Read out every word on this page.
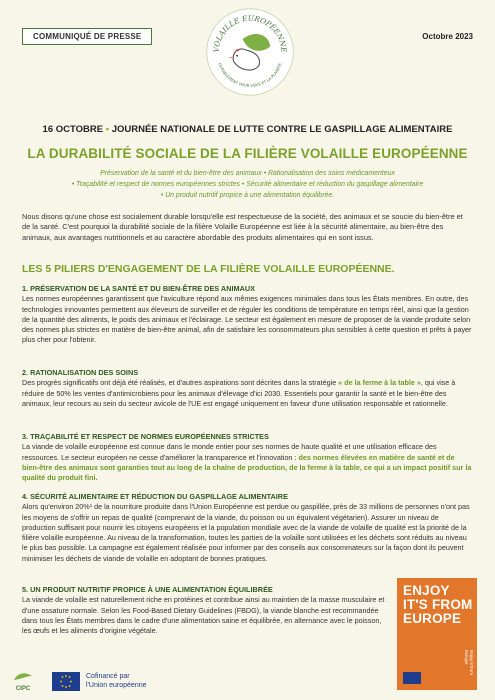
COMMUNIQUÉ DE PRESSE	Octobre 2023
VOLAILLE EUROPÉENNE
DURABLEMENT POUR VOUS ET LA PLANÈTE
16 OCTOBRE • JOURNÉE NATIONALE DE LUTTE CONTRE LE GASPILLAGE ALIMENTAIRE
LA DURABILITÉ SOCIALE DE LA FILIÈRE VOLAILLE EUROPÉENNE
Préservation de la santé et du bien-être des animaux • Rationalisation des soins médicamenteux
• Traçabilité et respect de normes européennes strictes • Sécurité alimentaire et réduction du gaspillage alimentaire
• Un produit nutritif propice à une alimentation équilibrée.
Nous disons qu'une chose est socialement durable lorsqu'elle est respectueuse de la société, des animaux et se soucie du bien-être et de la santé. C'est pourquoi la durabilité sociale de la filière Volaille Européenne est liée à la sécurité alimentaire, au bien-être des animaux, aux avantages nutritionnels et au caractère abordable des produits alimentaires qui en sont issus.
LES 5 PILIERS D'ENGAGEMENT DE LA FILIÈRE VOLAILLE EUROPÉENNE.
1. PRÉSERVATION DE LA SANTÉ ET DU BIEN-ÊTRE DES ANIMAUX

Les normes européennes garantissent que l'aviculture répond aux mêmes exigences minimales dans tous les États membres. En outre, des technologies innovantes permettent aux éleveurs de surveiller et de réguler les conditions de température en temps réel, ainsi que la gestion de la quantité des aliments, le poids des animaux et l'éclairage. Le secteur est également en mesure de proposer de la viande produite selon des normes plus strictes en matière de bien-être animal, afin de satisfaire les consommateurs plus sensibles à cette question et prêts à payer plus cher pour l'obtenir.

2. RATIONALISATION DES SOINS

Des progrès significatifs ont déjà été réalisés, et d'autres aspirations sont décrites dans la stratégie « de la ferme à la table », qui vise à réduire de 50% les ventes d'antimicrobiens pour les animaux d'élevage d'ici 2030. Essentiels pour garantir la santé et le bien-être des animaux, leur recours au sein du secteur avicole de l'UE est engagé uniquement en faveur d'une utilisation responsable et rationnelle.

3. TRAÇABILITÉ ET RESPECT DE NORMES EUROPÉENNES STRICTES

La viande de volaille européenne est connue dans le monde entier pour ses normes de haute qualité et une utilisation efficace des ressources. Le secteur européen ne cesse d'améliorer la transparence et l'innovation : des normes élevées en matière de santé et de bien-être des animaux sont garanties tout au long de la chaîne de production, de la ferme à la table, ce qui a un impact positif sur la qualité du produit fini.

4. SÉCURITÉ ALIMENTAIRE ET RÉDUCTION DU GASPILLAGE ALIMENTAIRE

Alors qu'environ 20%¹ de la nourriture produite dans l'Union Européenne est perdue ou gaspillée, près de 33 millions de personnes n'ont pas les moyens de s'offrir un repas de qualité (comprenant de la viande, du poisson ou un équivalent végétarien). Assurer un niveau de production suffisant pour nourrir les citoyens européens et la population mondiale avec de la viande de volaille de qualité est la priorité de la filière volaille européenne. Au niveau de la transformation, toutes les parties de la volaille sont utilisées et les déchets sont réduits au niveau le plus bas possible. La campagne est également réalisée pour informer par des conseils aux consommateurs sur la façon dont ils peuvent minimiser les déchets de viande de volaille en adoptant de bonnes pratiques.

5. UN PRODUIT NUTRITIF PROPICE À UNE ALIMENTATION ÉQUILIBRÉE

La viande de volaille est naturellement riche en protéines et contribue ainsi au maintien de la masse musculaire et d'une ossature normale. Selon les Food-Based Dietary Guidelines (FBDG), la viande blanche est recommandée dans tous les États membres dans le cadre d'une alimentation saine et équilibrée, en alternance avec le poisson, les œufs et les aliments d'origine végétale.

CIPC
Cofinancé par
l'Union européenne
ENJOY
IT'S FROM
EUROPE
Enjoy it from Europe
